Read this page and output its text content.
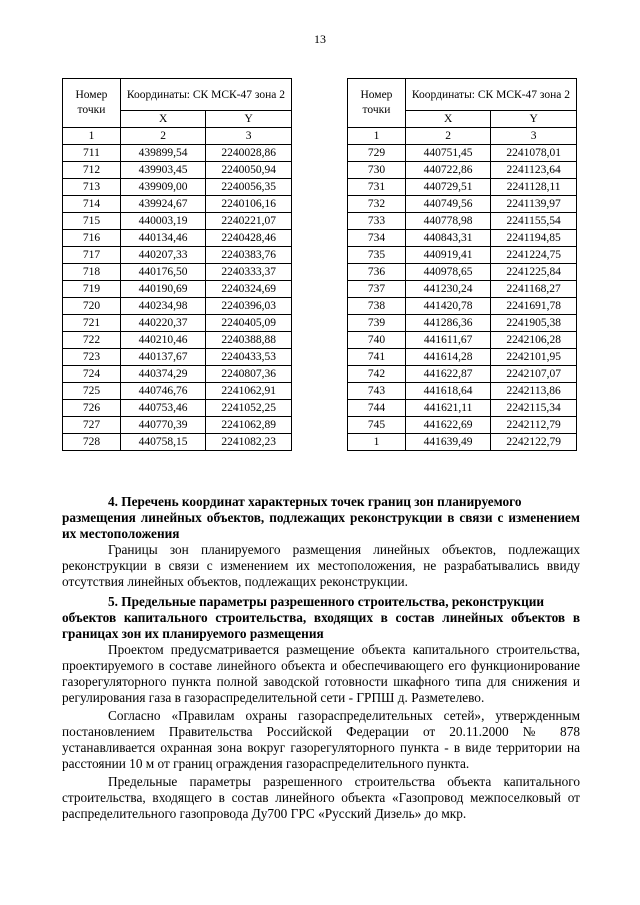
13
Номер точки	Координаты: СК МСК-47 зона 2	
	X	Y
1	2	3
711	439899,54	2240028,86
712	439903,45	2240050,94
713	439909,00	2240056,35
714	439924,67	2240106,16
715	440003,19	2240221,07
716	440134,46	2240428,46
717	440207,33	2240383,76
718	440176,50	2240333,37
719	440190,69	2240324,69
720	440234,98	2240396,03
721	440220,37	2240405,09
722	440210,46	2240388,88
723	440137,67	2240433,53
724	440374,29	2240807,36
725	440746,76	2241062,91
726	440753,46	2241052,25
727	440770,39	2241062,89
728	440758,15	2241082,23
Номер точки	Координаты: СК МСК-47 зона 2	
	X	Y
1	2	3
729	440751,45	2241078,01
730	440722,86	2241123,64
731	440729,51	2241128,11
732	440749,56	2241139,97
733	440778,98	2241155,54
734	440843,31	2241194,85
735	440919,41	2241224,75
736	440978,65	2241225,84
737	441230,24	2241168,27
738	441420,78	2241691,78
739	441286,36	2241905,38
740	441611,67	2242106,28
741	441614,28	2242101,95
742	441622,87	2242107,07
743	441618,64	2242113,86
744	441621,11	2242115,34
745	441622,69	2242112,79
1	441639,49	2242122,79
4. Перечень координат характерных точек границ зон планируемого
размещения линейных объектов, подлежащих реконструкции в связи с изменением их местоположения

Границы зон планируемого размещения линейных объектов, подлежащих реконструкции в связи с изменением их местоположения, не разрабатывались ввиду отсутствия линейных объектов, подлежащих реконструкции.

5. Предельные параметры разрешенного строительства, реконструкции
объектов капитального строительства, входящих в состав линейных объектов в границах зон их планируемого размещения

Проектом предусматривается размещение объекта капитального строительства, проектируемого в составе линейного объекта и обеспечивающего его функционирование газорегуляторного пункта полной заводской готовности шкафного типа для снижения и регулирования газа в газораспределительной сети - ГРПШ д. Разметелево.

Согласно «Правилам охраны газораспределительных сетей», утвержденным постановлением Правительства Российской Федерации от 20.11.2000 № 878 устанавливается охранная зона вокруг газорегуляторного пункта - в виде территории на расстоянии 10 м от границ ограждения газораспределительного пункта.

Предельные параметры разрешенного строительства объекта капитального строительства, входящего в состав линейного объекта «Газопровод межпоселковый от распределительного газопровода Ду700 ГРС «Русский Дизель» до мкр.
